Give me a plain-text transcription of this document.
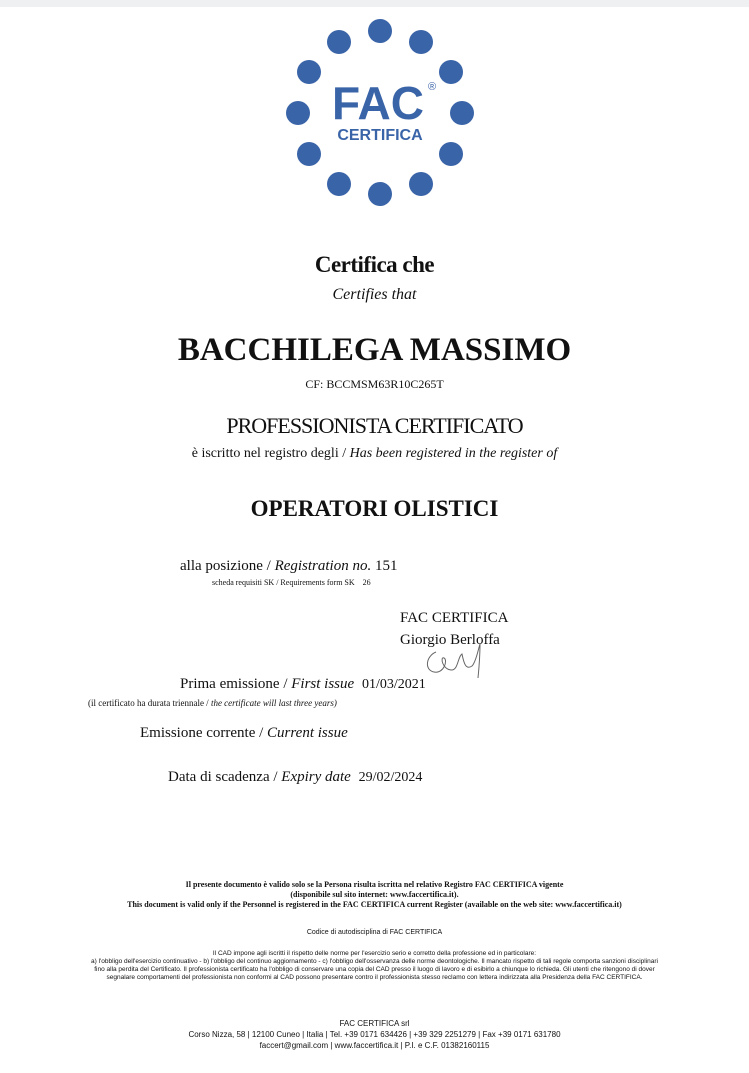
FAC ®
CERTIFICA
Certifica che
Certifies that
BACCHILEGA MASSIMO
CF: BCCMSM63R10C265T
PROFESSIONISTA CERTIFICATO
è iscritto nel registro degli / Has been registered in the register of
OPERATORI OLISTICI
alla posizione / Registration no. 151
scheda requisiti SK / Requirements form SK 26
FAC CERTIFICA
Giorgio Berloffa
Prima emissione / First issue 01/03/2021
(il certificato ha durata triennale / the certificate will last three years)
Emissione corrente / Current issue
Data di scadenza / Expiry date 29/02/2024
Il presente documento è valido solo se la Persona risulta iscritta nel relativo Registro FAC CERTIFICA vigente
(disponibile sul sito internet: www.faccertifica.it).
This document is valid only if the Personnel is registered in the FAC CERTIFICA current Register (available on the web site: www.faccertifica.it)
Codice di autodisciplina di FAC CERTIFICA
Il CAD impone agli iscritti il rispetto delle norme per l'esercizio serio e corretto della professione ed in particolare:
a) l'obbligo dell'esercizio continuativo - b) l'obbligo del continuo aggiornamento - c) l'obbligo dell'osservanza delle norme deontologiche. Il mancato rispetto di tali regole comporta sanzioni disciplinari
fino alla perdita del Certificato. Il professionista certificato ha l'obbligo di conservare una copia del CAD presso il luogo di lavoro e di esibirlo a chiunque lo richieda. Gli utenti che ritengono di dover
segnalare comportamenti del professionista non conformi al CAD possono presentare contro il professionista stesso reclamo con lettera indirizzata alla Presidenza della FAC CERTIFICA.
FAC CERTIFICA srl
Corso Nizza, 58 | 12100 Cuneo | Italia | Tel. +39 0171 634426 | +39 329 2251279 | Fax +39 0171 631780
faccert@gmail.com | www.faccertifica.it | P.I. e C.F. 01382160115
